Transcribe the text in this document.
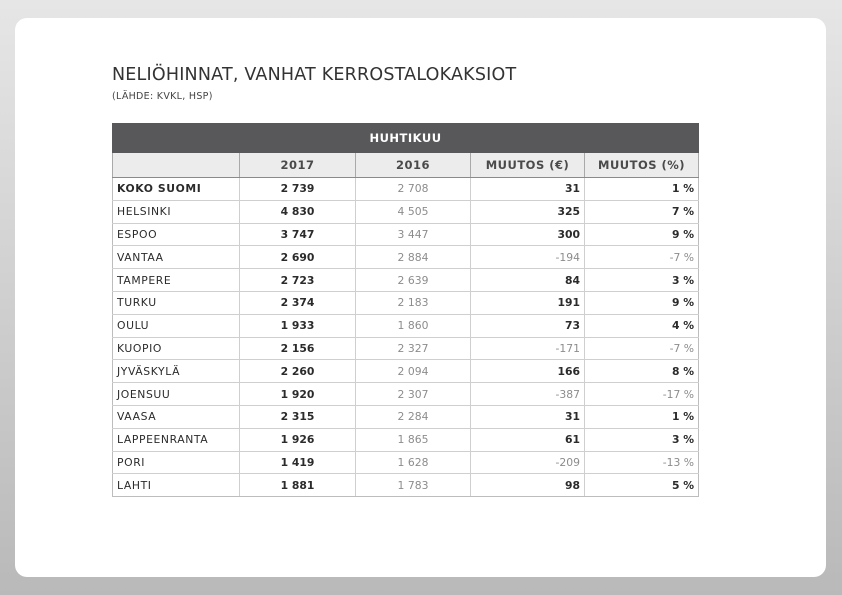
NELIÖHINNAT, VANHAT KERROSTALOKAKSIOT

(LÄHDE: KVKL, HSP)

HUHTIKUU				
	2017	2016	MUUTOS (€)	MUUTOS (%)
KOKO SUOMI	2 739	2 708	31	1 %
HELSINKI	4 830	4 505	325	7 %
ESPOO	3 747	3 447	300	9 %
VANTAA	2 690	2 884	-194	-7 %
TAMPERE	2 723	2 639	84	3 %
TURKU	2 374	2 183	191	9 %
OULU	1 933	1 860	73	4 %
KUOPIO	2 156	2 327	-171	-7 %
JYVÄSKYLÄ	2 260	2 094	166	8 %
JOENSUU	1 920	2 307	-387	-17 %
VAASA	2 315	2 284	31	1 %
LAPPEENRANTA	1 926	1 865	61	3 %
PORI	1 419	1 628	-209	-13 %
LAHTI	1 881	1 783	98	5 %
